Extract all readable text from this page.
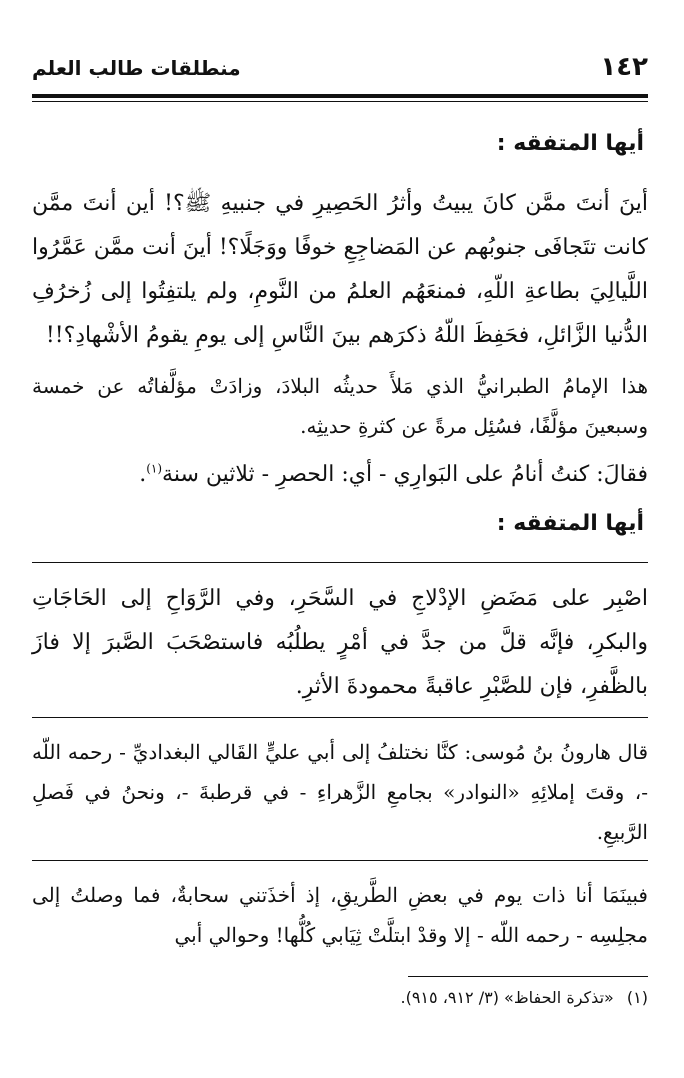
١٤٢
منطلقات طالب العلم
أيها المتفقه :

أينَ أنتَ ممَّن كانَ يبيتُ وأثرُ الحَصِيرِ في جنبيهِ ﷺ؟! أين أنتَ ممَّن كانت تتَجافَى جنوبُهم عن المَضاجِعِ خوفًا ووَجَلًا؟! أينَ أنت ممَّن عَمَّرُوا اللَّيالِيَ بطاعةِ اللّهِ، فمنعَهُم العلمُ من النَّومِ، ولم يلتفِتُوا إلى زُخرُفِ الدُّنيا الزَّائلِ، فحَفِظَ اللّهُ ذكرَهم بينَ النَّاسِ إلى يومِ يقومُ الأشْهادِ؟!!

هذا الإمامُ الطبرانيُّ الذي مَلأَ حديثُه البلادَ، وزادَتْ مؤلَّفاتُه عن خمسة وسبعينَ مؤلَّفًا، فسُئِل مرةً عن كثرةِ حديثِه.

فقالَ: كنتُ أنامُ على البَوارِي - أي: الحصرِ - ثلاثين سنة$^{(١)}$.

أيها المتفقه :

اصْبِر على مَضَضِ الإدْلاجِ في السَّحَرِ، وفي الرَّوَاحِ إلى الحَاجَاتِ والبكرِ، فإنَّه قلَّ من جدَّ في أمْرٍ يطلُبُه فاستصْحَبَ الصَّبرَ إلا فازَ بالظَّفرِ، فإن للصَّبْرِ عاقبةً محمودةَ الأثرِ.

قال هارونُ بنُ مُوسى: كنَّا نختلفُ إلى أبي عليٍّ القَالي البغداديِّ - رحمه اللّه -، وقتَ إملائِهِ «النوادر» بجامعِ الزَّهراءِ - في قرطبةَ -، ونحنُ في فَصلِ الرَّبيعِ.

فبينَمَا أنا ذات يوم في بعضِ الطَّريقِ، إذ أخذَتني سحابةٌ، فما وصلتُ إلى مجلِسِه - رحمه اللّه - إلا وقدْ ابتلَّتْ ثِيَابي كُلُّها! وحوالي أبي

(١) «تذكرة الحفاظ» (٣/ ٩١٢، ٩١٥).
